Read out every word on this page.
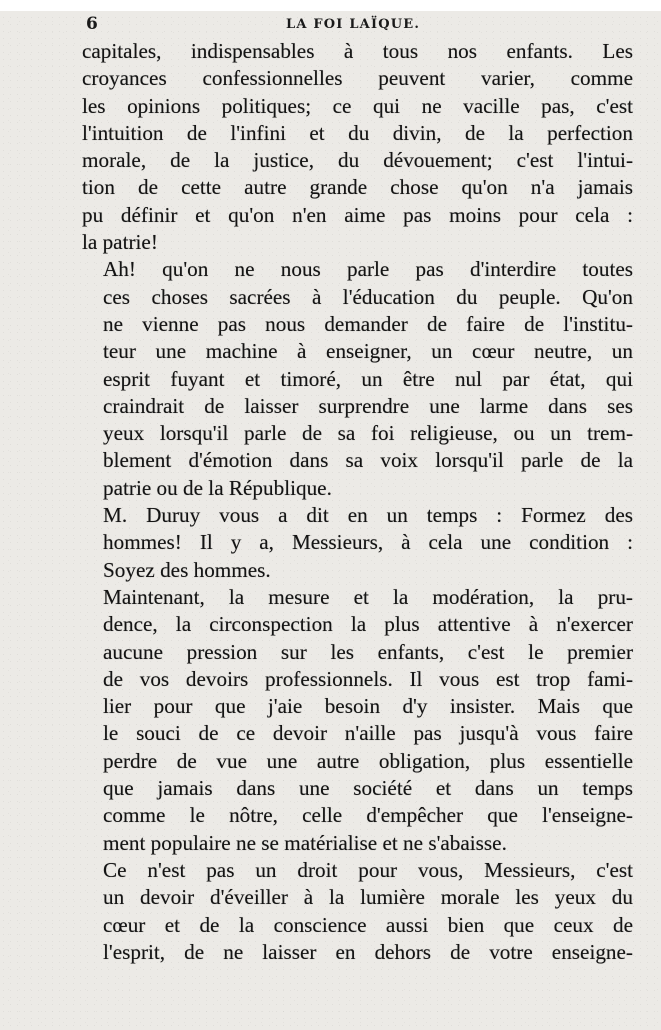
6	LA FOI LAÏQUE.

capitales, indispensables à tous nos enfants. Les
croyances confessionnelles peuvent varier, comme
les opinions politiques; ce qui ne vacille pas, c'est
l'intuition de l'infini et du divin, de la perfection
morale, de la justice, du dévouement; c'est l'intui-
tion de cette autre grande chose qu'on n'a jamais
pu définir et qu'on n'en aime pas moins pour cela :
la patrie!

Ah! qu'on ne nous parle pas d'interdire toutes
ces choses sacrées à l'éducation du peuple. Qu'on
ne vienne pas nous demander de faire de l'institu-
teur une machine à enseigner, un cœur neutre, un
esprit fuyant et timoré, un être nul par état, qui
craindrait de laisser surprendre une larme dans ses
yeux lorsqu'il parle de sa foi religieuse, ou un trem-
blement d'émotion dans sa voix lorsqu'il parle de la
patrie ou de la République.

M. Duruy vous a dit en un temps : Formez des
hommes! Il y a, Messieurs, à cela une condition :
Soyez des hommes.

Maintenant, la mesure et la modération, la pru-
dence, la circonspection la plus attentive à n'exercer
aucune pression sur les enfants, c'est le premier
de vos devoirs professionnels. Il vous est trop fami-
lier pour que j'aie besoin d'y insister. Mais que
le souci de ce devoir n'aille pas jusqu'à vous faire
perdre de vue une autre obligation, plus essentielle
que jamais dans une société et dans un temps
comme le nôtre, celle d'empêcher que l'enseigne-
ment populaire ne se matérialise et ne s'abaisse.

Ce n'est pas un droit pour vous, Messieurs, c'est
un devoir d'éveiller à la lumière morale les yeux du
cœur et de la conscience aussi bien que ceux de
l'esprit, de ne laisser en dehors de votre enseigne-
